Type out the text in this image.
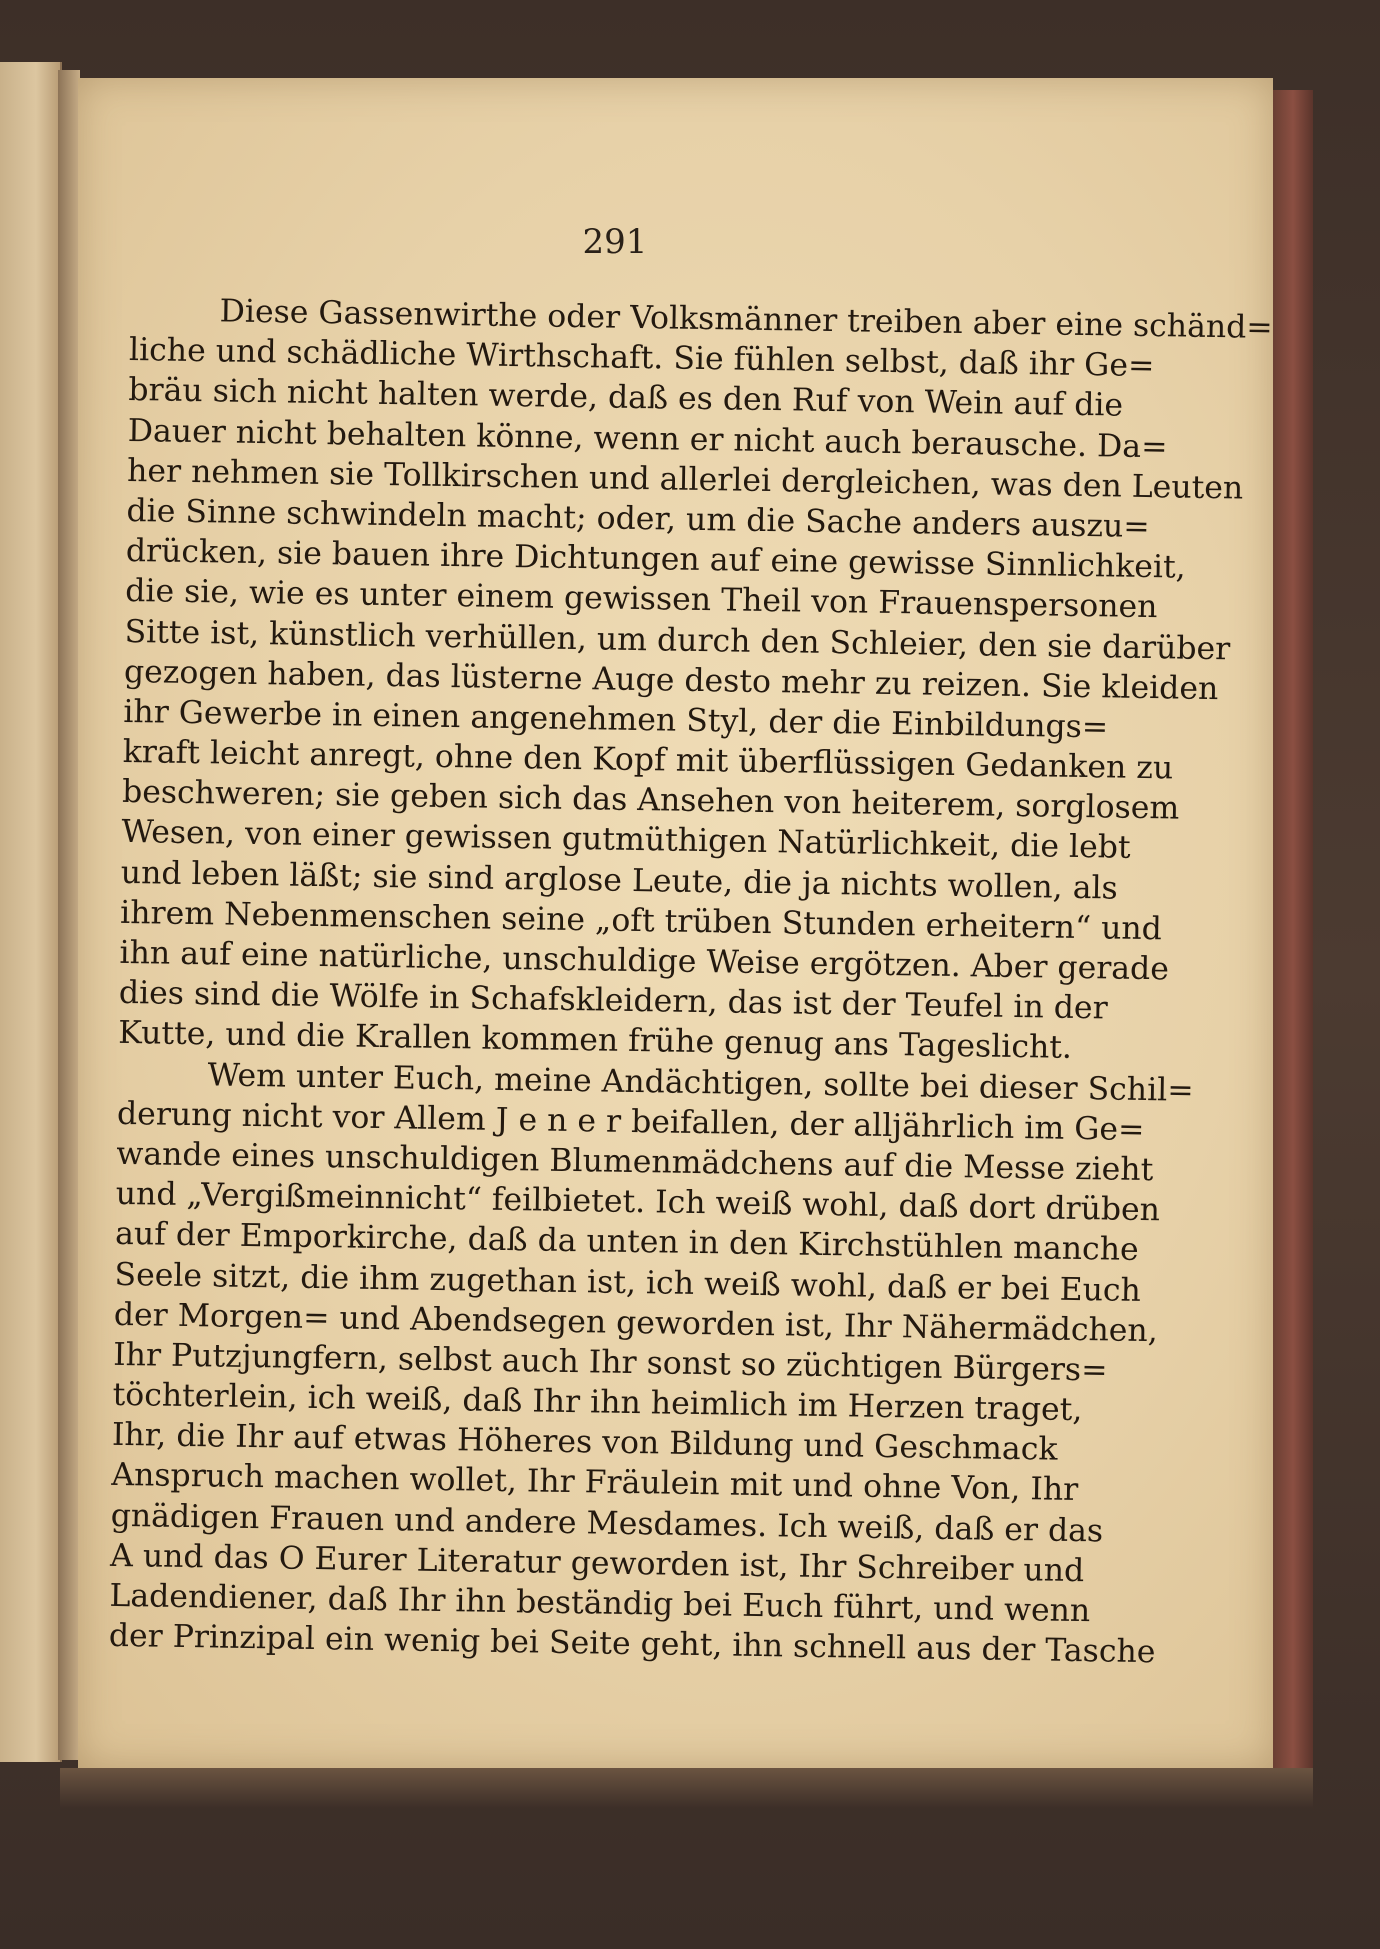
291
Diese Gassenwirthe oder Volksmänner treiben aber eine schänd=
liche und schädliche Wirthschaft. Sie fühlen selbst, daß ihr Ge=
bräu sich nicht halten werde, daß es den Ruf von Wein auf die
Dauer nicht behalten könne, wenn er nicht auch berausche. Da=
her nehmen sie Tollkirschen und allerlei dergleichen, was den Leuten
die Sinne schwindeln macht; oder, um die Sache anders auszu=
drücken, sie bauen ihre Dichtungen auf eine gewisse Sinnlichkeit,
die sie, wie es unter einem gewissen Theil von Frauenspersonen
Sitte ist, künstlich verhüllen, um durch den Schleier, den sie darüber
gezogen haben, das lüsterne Auge desto mehr zu reizen. Sie kleiden
ihr Gewerbe in einen angenehmen Styl, der die Einbildungs=
kraft leicht anregt, ohne den Kopf mit überflüssigen Gedanken zu
beschweren; sie geben sich das Ansehen von heiterem, sorglosem
Wesen, von einer gewissen gutmüthigen Natürlichkeit, die lebt
und leben läßt; sie sind arglose Leute, die ja nichts wollen, als
ihrem Nebenmenschen seine „oft trüben Stunden erheitern“ und
ihn auf eine natürliche, unschuldige Weise ergötzen. Aber gerade
dies sind die Wölfe in Schafskleidern, das ist der Teufel in der
Kutte, und die Krallen kommen frühe genug ans Tageslicht.
Wem unter Euch, meine Andächtigen, sollte bei dieser Schil=
derung nicht vor Allem J e n e r beifallen, der alljährlich im Ge=
wande eines unschuldigen Blumenmädchens auf die Messe zieht
und „Vergißmeinnicht“ feilbietet. Ich weiß wohl, daß dort drüben
auf der Emporkirche, daß da unten in den Kirchstühlen manche
Seele sitzt, die ihm zugethan ist, ich weiß wohl, daß er bei Euch
der Morgen= und Abendsegen geworden ist, Ihr Nähermädchen,
Ihr Putzjungfern, selbst auch Ihr sonst so züchtigen Bürgers=
töchterlein, ich weiß, daß Ihr ihn heimlich im Herzen traget,
Ihr, die Ihr auf etwas Höheres von Bildung und Geschmack
Anspruch machen wollet, Ihr Fräulein mit und ohne Von, Ihr
gnädigen Frauen und andere Mesdames. Ich weiß, daß er das
A und das O Eurer Literatur geworden ist, Ihr Schreiber und
Ladendiener, daß Ihr ihn beständig bei Euch führt, und wenn
der Prinzipal ein wenig bei Seite geht, ihn schnell aus der Tasche
